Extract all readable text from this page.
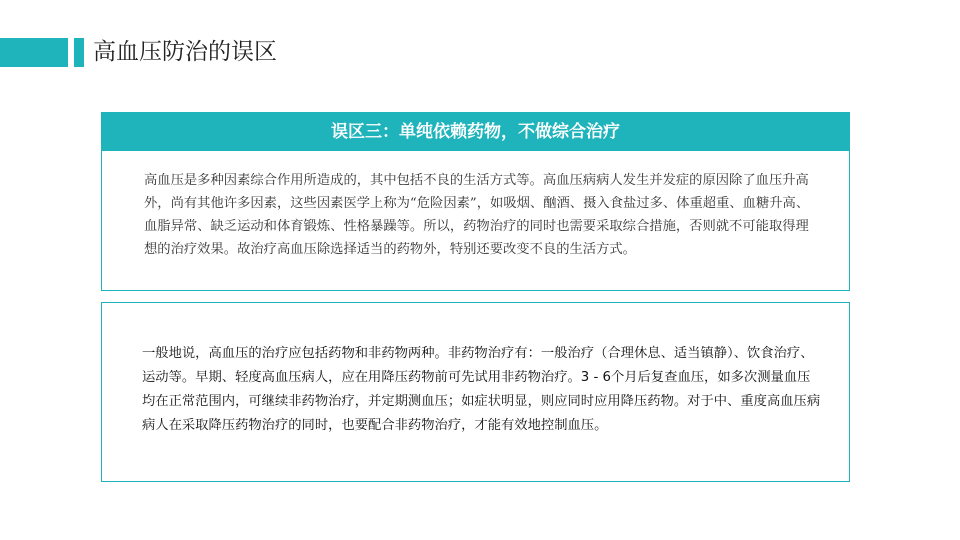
高血压防治的误区
误区三：单纯依赖药物，不做综合治疗

高血压是多种因素综合作用所造成的，其中包括不良的生活方式等。高血压病病人发生并发症的原因除了血压升高外，尚有其他许多因素，这些因素医学上称为“危险因素”，如吸烟、酗酒、摄入食盐过多、体重超重、血糖升高、血脂异常、缺乏运动和体育锻炼、性格暴躁等。所以，药物治疗的同时也需要采取综合措施，否则就不可能取得理想的治疗效果。故治疗高血压除选择适当的药物外，特别还要改变不良的生活方式。

一般地说，高血压的治疗应包括药物和非药物两种。非药物治疗有：一般治疗（合理休息、适当镇静）、饮食治疗、运动等。早期、轻度高血压病人，应在用降压药物前可先试用非药物治疗。3 - 6个月后复查血压，如多次测量血压均在正常范围内，可继续非药物治疗，并定期测血压；如症状明显，则应同时应用降压药物。对于中、重度高血压病病人在采取降压药物治疗的同时，也要配合非药物治疗，才能有效地控制血压。
